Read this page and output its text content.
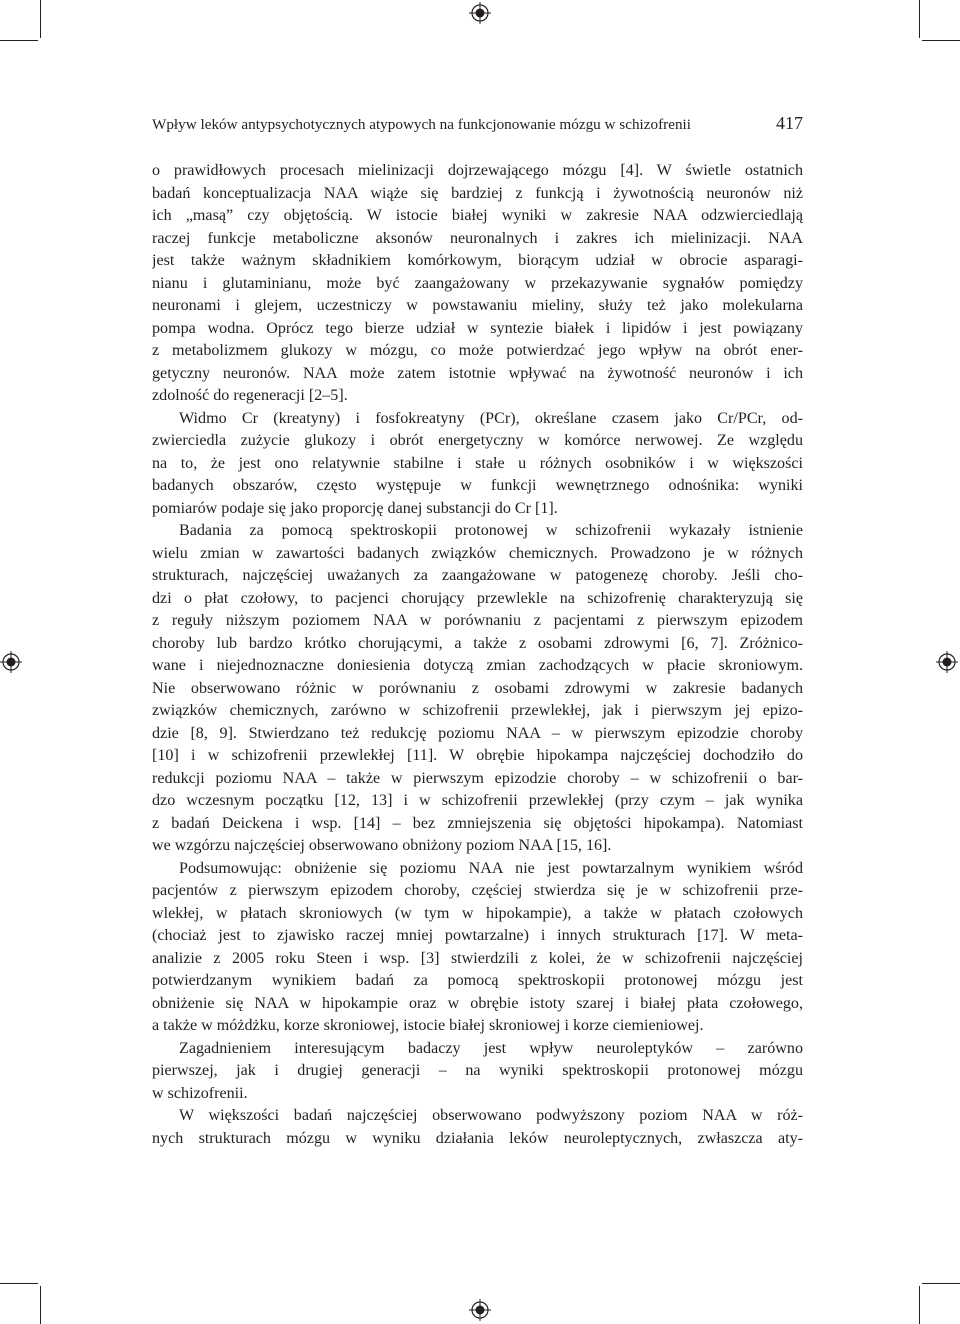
Wpływ leków antypsychotycznych atypowych na funkcjonowanie mózgu w schizofrenii	417
o prawidłowych procesach mielinizacji dojrzewającego mózgu [4]. W świetle ostatnich
badań konceptualizacja NAA wiąże się bardziej z funkcją i żywotnością neuronów niż
ich „masą” czy objętością. W istocie białej wyniki w zakresie NAA odzwierciedlają
raczej funkcje metaboliczne aksonów neuronalnych i zakres ich mielinizacji. NAA
jest także ważnym składnikiem komórkowym, biorącym udział w obrocie asparagi-
nianu i glutaminianu, może być zaangażowany w przekazywanie sygnałów pomiędzy
neuronami i glejem, uczestniczy w powstawaniu mieliny, służy też jako molekularna
pompa wodna. Oprócz tego bierze udział w syntezie białek i lipidów i jest powiązany
z metabolizmem glukozy w mózgu, co może potwierdzać jego wpływ na obrót ener-
getyczny neuronów. NAA może zatem istotnie wpływać na żywotność neuronów i ich
zdolność do regeneracji [2–5].
Widmo Cr (kreatyny) i fosfokreatyny (PCr), określane czasem jako Cr/PCr, od-
zwierciedla zużycie glukozy i obrót energetyczny w komórce nerwowej. Ze względu
na to, że jest ono relatywnie stabilne i stałe u różnych osobników i w większości
badanych obszarów, często występuje w funkcji wewnętrznego odnośnika: wyniki
pomiarów podaje się jako proporcję danej substancji do Cr [1].
Badania za pomocą spektroskopii protonowej w schizofrenii wykazały istnienie
wielu zmian w zawartości badanych związków chemicznych. Prowadzono je w różnych
strukturach, najczęściej uważanych za zaangażowane w patogenezę choroby. Jeśli cho-
dzi o płat czołowy, to pacjenci chorujący przewlekle na schizofrenię charakteryzują się
z reguły niższym poziomem NAA w porównaniu z pacjentami z pierwszym epizodem
choroby lub bardzo krótko chorującymi, a także z osobami zdrowymi [6, 7]. Zróżnico-
wane i niejednoznaczne doniesienia dotyczą zmian zachodzących w płacie skroniowym.
Nie obserwowano różnic w porównaniu z osobami zdrowymi w zakresie badanych
związków chemicznych, zarówno w schizofrenii przewlekłej, jak i pierwszym jej epizo-
dzie [8, 9]. Stwierdzano też redukcję poziomu NAA – w pierwszym epizodzie choroby
[10] i w schizofrenii przewlekłej [11]. W obrębie hipokampa najczęściej dochodziło do
redukcji poziomu NAA – także w pierwszym epizodzie choroby – w schizofrenii o bar-
dzo wczesnym początku [12, 13] i w schizofrenii przewlekłej (przy czym – jak wynika
z badań Deickena i wsp. [14] – bez zmniejszenia się objętości hipokampa). Natomiast
we wzgórzu najczęściej obserwowano obniżony poziom NAA [15, 16].
Podsumowując: obniżenie się poziomu NAA nie jest powtarzalnym wynikiem wśród
pacjentów z pierwszym epizodem choroby, częściej stwierdza się je w schizofrenii prze-
wlekłej, w płatach skroniowych (w tym w hipokampie), a także w płatach czołowych
(chociaż jest to zjawisko raczej mniej powtarzalne) i innych strukturach [17]. W meta-
analizie z 2005 roku Steen i wsp. [3] stwierdzili z kolei, że w schizofrenii najczęściej
potwierdzanym wynikiem badań za pomocą spektroskopii protonowej mózgu jest
obniżenie się NAA w hipokampie oraz w obrębie istoty szarej i białej płata czołowego,
a także w móżdżku, korze skroniowej, istocie białej skroniowej i korze ciemieniowej.
Zagadnieniem interesującym badaczy jest wpływ neuroleptyków – zarówno
pierwszej, jak i drugiej generacji – na wyniki spektroskopii protonowej mózgu
w schizofrenii.
W większości badań najczęściej obserwowano podwyższony poziom NAA w róż-
nych strukturach mózgu w wyniku działania leków neuroleptycznych, zwłaszcza aty-
